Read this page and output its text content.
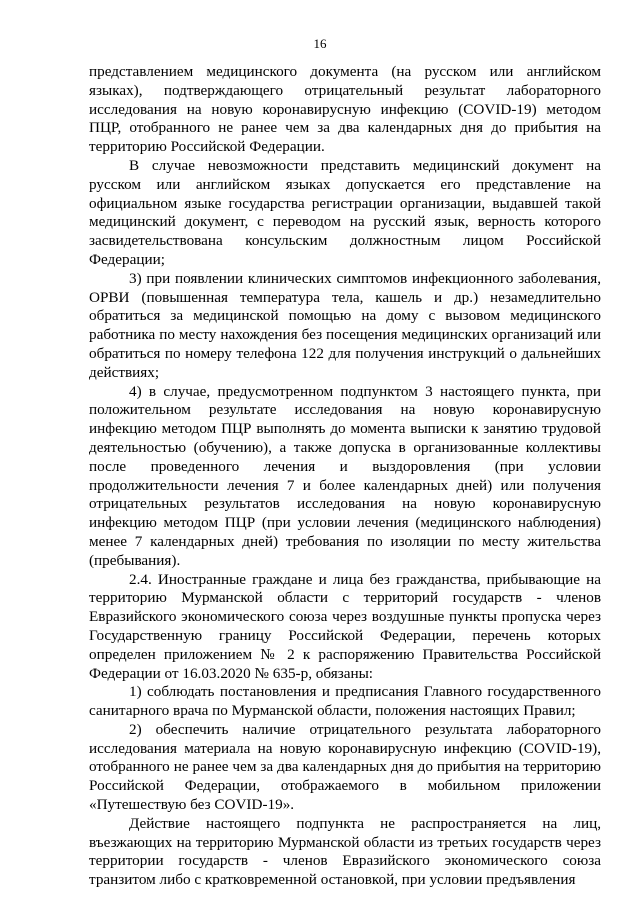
16

представлением медицинского документа (на русском или английском языках), подтверждающего отрицательный результат лабораторного исследования на новую коронавирусную инфекцию (COVID-19) методом ПЦР, отобранного не ранее чем за два календарных дня до прибытия на территорию Российской Федерации.

В случае невозможности представить медицинский документ на русском или английском языках допускается его представление на официальном языке государства регистрации организации, выдавшей такой медицинский документ, с переводом на русский язык, верность которого засвидетельствована консульским должностным лицом Российской Федерации;

3) при появлении клинических симптомов инфекционного заболевания, ОРВИ (повышенная температура тела, кашель и др.) незамедлительно обратиться за медицинской помощью на дому с вызовом медицинского работника по месту нахождения без посещения медицинских организаций или обратиться по номеру телефона 122 для получения инструкций о дальнейших действиях;

4) в случае, предусмотренном подпунктом 3 настоящего пункта, при положительном результате исследования на новую коронавирусную инфекцию методом ПЦР выполнять до момента выписки к занятию трудовой деятельностью (обучению), а также допуска в организованные коллективы после проведенного лечения и выздоровления (при условии продолжительности лечения 7 и более календарных дней) или получения отрицательных результатов исследования на новую коронавирусную инфекцию методом ПЦР (при условии лечения (медицинского наблюдения) менее 7 календарных дней) требования по изоляции по месту жительства (пребывания).

2.4. Иностранные граждане и лица без гражданства, прибывающие на территорию Мурманской области с территорий государств - членов Евразийского экономического союза через воздушные пункты пропуска через Государственную границу Российской Федерации, перечень которых определен приложением № 2 к распоряжению Правительства Российской Федерации от 16.03.2020 № 635-р, обязаны:

1) соблюдать постановления и предписания Главного государственного санитарного врача по Мурманской области, положения настоящих Правил;

2) обеспечить наличие отрицательного результата лабораторного исследования материала на новую коронавирусную инфекцию (COVID-19), отобранного не ранее чем за два календарных дня до прибытия на территорию Российской Федерации, отображаемого в мобильном приложении «Путешествую без COVID-19».

Действие настоящего подпункта не распространяется на лиц, въезжающих на территорию Мурманской области из третьих государств через территории государств - членов Евразийского экономического союза транзитом либо с кратковременной остановкой, при условии предъявления
